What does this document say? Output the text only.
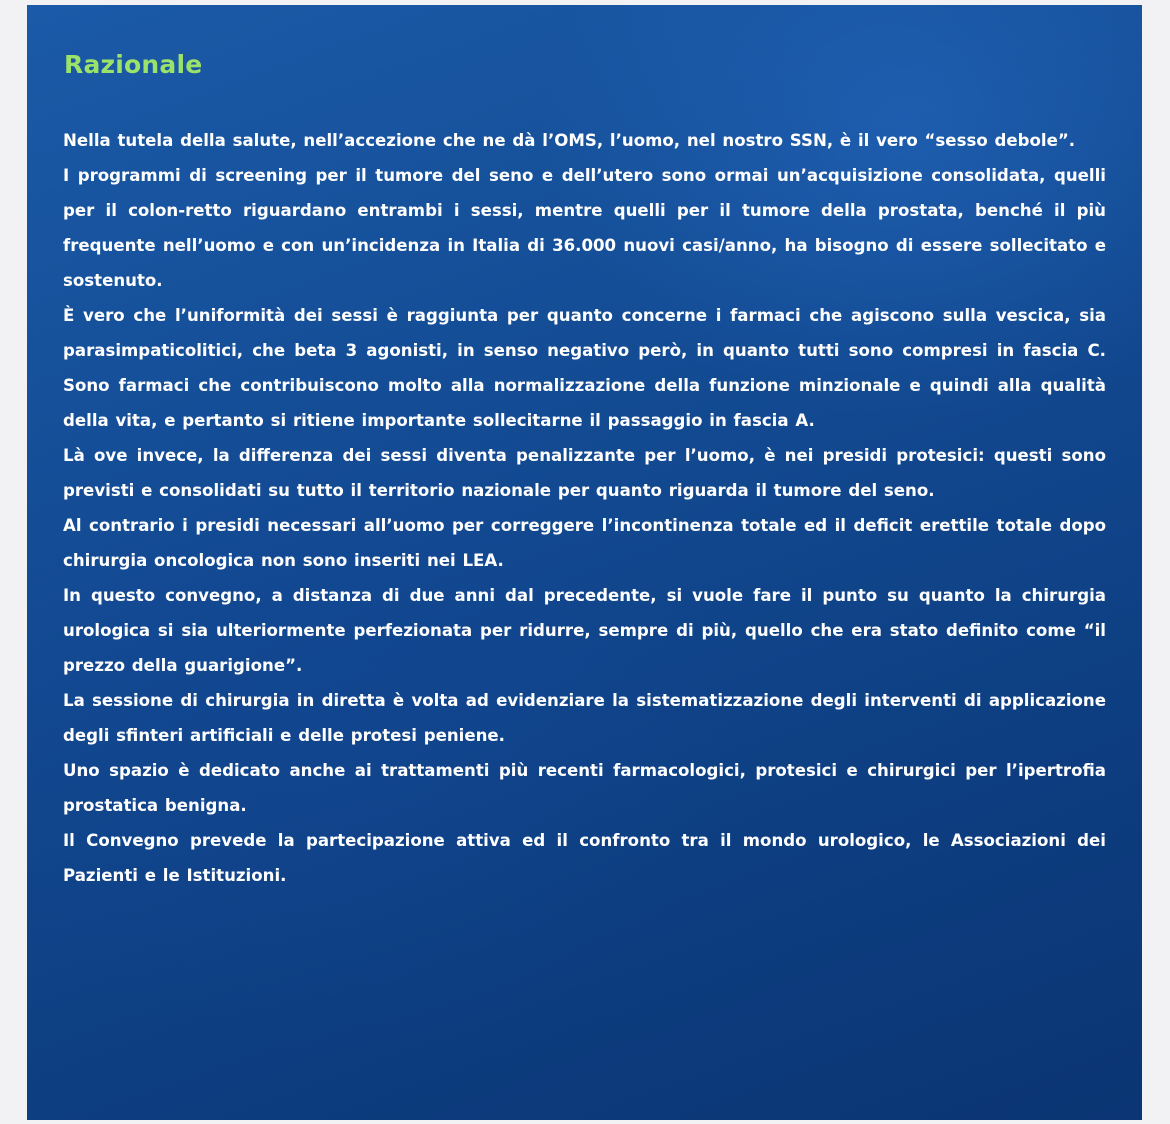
Razionale

Nella tutela della salute, nell’accezione che ne dà l’OMS, l’uomo, nel nostro SSN, è il vero “sesso debole”.

I programmi di screening per il tumore del seno e dell’utero sono ormai un’acquisizione consolidata, quelli per il colon-retto riguardano entrambi i sessi, mentre quelli per il tumore della prostata, benché il più frequente nell’uomo e con un’incidenza in Italia di 36.000 nuovi casi/anno, ha bisogno di essere sollecitato e sostenuto.

È vero che l’uniformità dei sessi è raggiunta per quanto concerne i farmaci che agiscono sulla vescica, sia parasimpaticolitici, che beta 3 agonisti, in senso negativo però, in quanto tutti sono compresi in fascia C. Sono farmaci che contribuiscono molto alla normalizzazione della funzione minzionale e quindi alla qualità della vita, e pertanto si ritiene importante sollecitarne il passaggio in fascia A.

Là ove invece, la differenza dei sessi diventa penalizzante per l’uomo, è nei presidi protesici: questi sono previsti e consolidati su tutto il territorio nazionale per quanto riguarda il tumore del seno.

Al contrario i presidi necessari all’uomo per correggere l’incontinenza totale ed il deficit erettile totale dopo chirurgia oncologica non sono inseriti nei LEA.

In questo convegno, a distanza di due anni dal precedente, si vuole fare il punto su quanto la chirurgia urologica si sia ulteriormente perfezionata per ridurre, sempre di più, quello che era stato definito come “il prezzo della guarigione”.

La sessione di chirurgia in diretta è volta ad evidenziare la sistematizzazione degli interventi di applicazione degli sfinteri artificiali e delle protesi peniene.

Uno spazio è dedicato anche ai trattamenti più recenti farmacologici, protesici e chirurgici per l’ipertrofia prostatica benigna.

Il Convegno prevede la partecipazione attiva ed il confronto tra il mondo urologico, le Associazioni dei Pazienti e le Istituzioni.
